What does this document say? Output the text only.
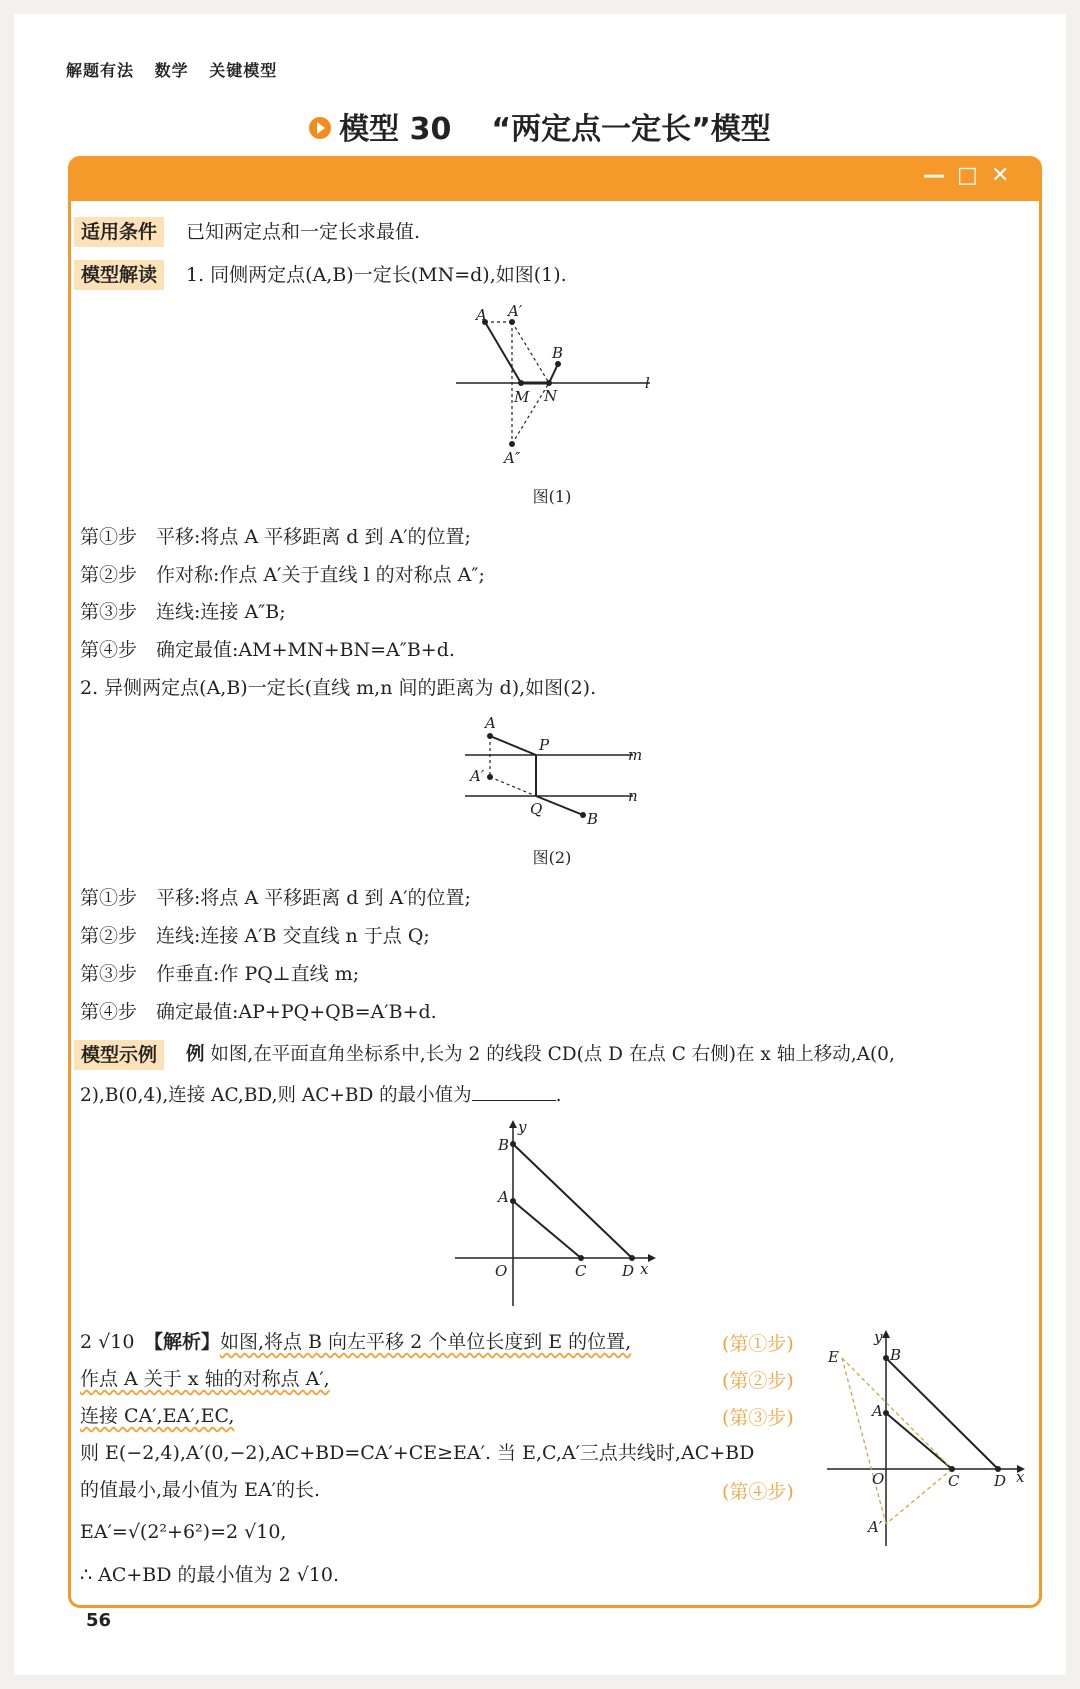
解题有法 数学 关键模型
模型 30 “两定点一定长”模型
— □ ✕
适用条件	已知两定点和一定长求最值.
模型解读	1. 同侧两定点(A,B)一定长(MN=d),如图(1).
A A′
B
M N
A″
l
图(1)
第①步　平移:将点 A 平移距离 d 到 A′的位置;
第②步　作对称:作点 A′关于直线 l 的对称点 A″;
第③步　连线:连接 A″B;
第④步　确定最值:AM+MN+BN=A″B+d.
2. 异侧两定点(A,B)一定长(直线 m,n 间的距离为 d),如图(2).
A
A′
P
Q
B
m
n
图(2)
第①步　平移:将点 A 平移距离 d 到 A′的位置;
第②步　连线:连接 A′B 交直线 n 于点 Q;
第③步　作垂直:作 PQ⊥直线 m;
第④步　确定最值:AP+PQ+QB=A′B+d.
模型示例	例 如图,在平面直角坐标系中,长为 2 的线段 CD(点 D 在点 C 右侧)在 x 轴上移动,A(0,
2),B(0,4),连接 AC,BD,则 AC+BD 的最小值为	.
B
y
A
O	C D x
2 √10　 【解析】如图,将点 B 向左平移 2 个单位长度到 E 的位置,
作点 A 关于 x 轴的对称点 A′,
连接 CA′,EA′,EC,
则 E(−2,4),A′(0,−2),AC+BD=CA′+CE≥EA′. 当 E,C,A′三点共线时,AC+BD
的值最小,最小值为 EA′的长.
EA′=√(2²+6²)=2 √10,
∴ AC+BD 的最小值为 2 √10.
(第①步)
(第②步)
(第③步)
(第④步)
E
y
B
A
O	C D x
A′
56
